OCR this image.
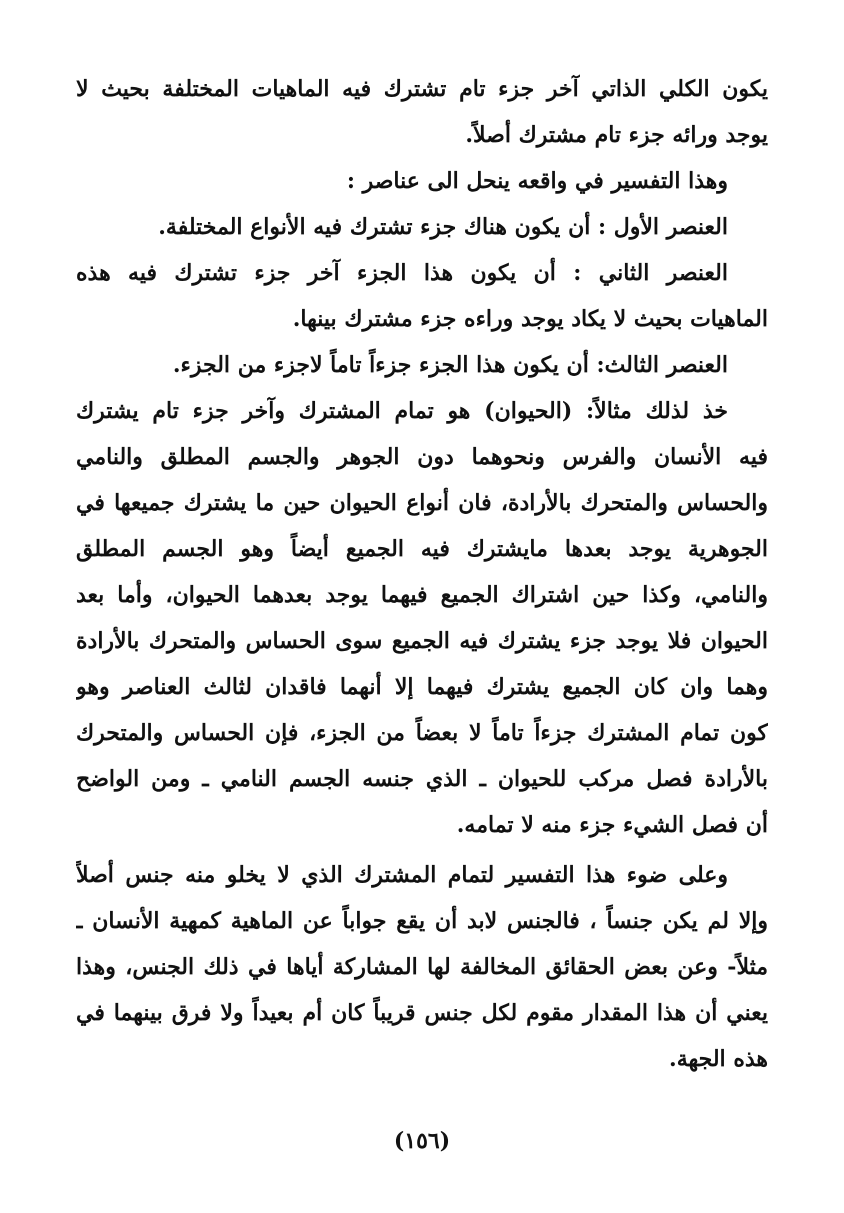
يكون الكلي الذاتي آخر جزء تام تشترك فيه الماهيات المختلفة بحيث لا
يوجد ورائه جزء تام مشترك أصلاً.
وهذا التفسير في واقعه ينحل الى عناصر :
العنصر الأول : أن يكون هناك جزء تشترك فيه الأنواع المختلفة.
العنصر الثاني : أن يكون هذا الجزء آخر جزء تشترك فيه هذه
الماهيات بحيث لا يكاد يوجد وراءه جزء مشترك بينها.
العنصر الثالث: أن يكون هذا الجزء جزءاً تاماً لاجزء من الجزء.
خذ لذلك مثالاً: (الحيوان) هو تمام المشترك وآخر جزء تام يشترك
فيه الأنسان والفرس ونحوهما دون الجوهر والجسم المطلق والنامي
والحساس والمتحرك بالأرادة، فان أنواع الحيوان حين ما يشترك جميعها في
الجوهرية يوجد بعدها مايشترك فيه الجميع أيضاً وهو الجسم المطلق
والنامي، وكذا حين اشتراك الجميع فيهما يوجد بعدهما الحيوان، وأما بعد
الحيوان فلا يوجد جزء يشترك فيه الجميع سوى الحساس والمتحرك بالأرادة
وهما وان كان الجميع يشترك فيهما إلا أنهما فاقدان لثالث العناصر وهو
كون تمام المشترك جزءاً تاماً لا بعضاً من الجزء، فإن الحساس والمتحرك
بالأرادة فصل مركب للحيوان ـ الذي جنسه الجسم النامي ـ ومن الواضح
أن فصل الشيء جزء منه لا تمامه.
وعلى ضوء هذا التفسير لتمام المشترك الذي لا يخلو منه جنس أصلاً
وإلا لم يكن جنساً ، فالجنس لابد أن يقع جواباً عن الماهية كمهية الأنسان ـ
مثلاً- وعن بعض الحقائق المخالفة لها المشاركة أياها في ذلك الجنس، وهذا
يعني أن هذا المقدار مقوم لكل جنس قريباً كان أم بعيداً ولا فرق بينهما في
هذه الجهة.
(١٥٦)
